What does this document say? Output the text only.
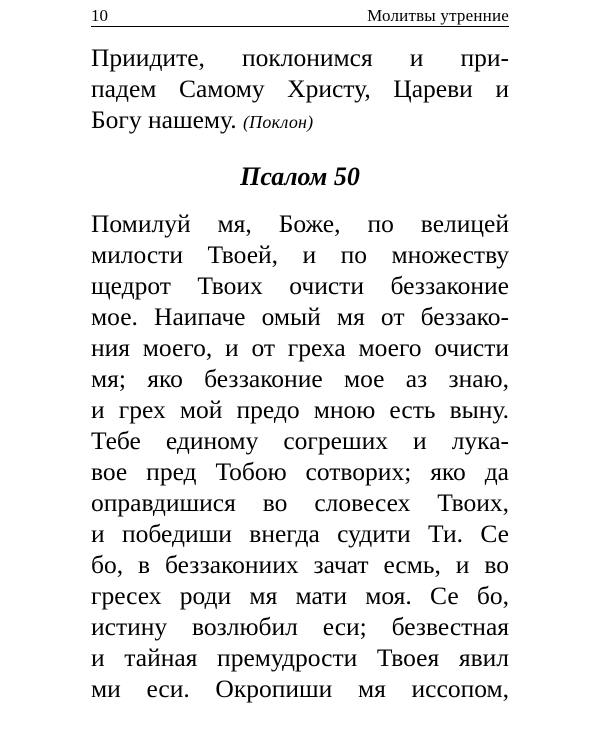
10	Молитвы утренние

Приидите, поклонимся и при-
падем Самому Христу, Цареви и
Богу нашему. (Поклон)

Псалом 50

Помилуй мя, Боже, по велицей
милости Твоей, и по множеству
щедрот Твоих очисти беззаконие
мое. Наипаче омый мя от беззако-
ния моего, и от греха моего очисти
мя; яко беззаконие мое аз знаю,
и грех мой предо мною есть выну.
Тебе единому согреших и лука-
вое пред Тобою сотворих; яко да
оправдишися во словесех Твоих,
и победиши внегда судити Ти. Се
бо, в беззакониих зачат есмь, и во
гресех роди мя мати моя. Се бо,
истину возлюбил еси; безвестная
и тайная премудрости Твоея явил
ми еси. Окропиши мя иссопом,
